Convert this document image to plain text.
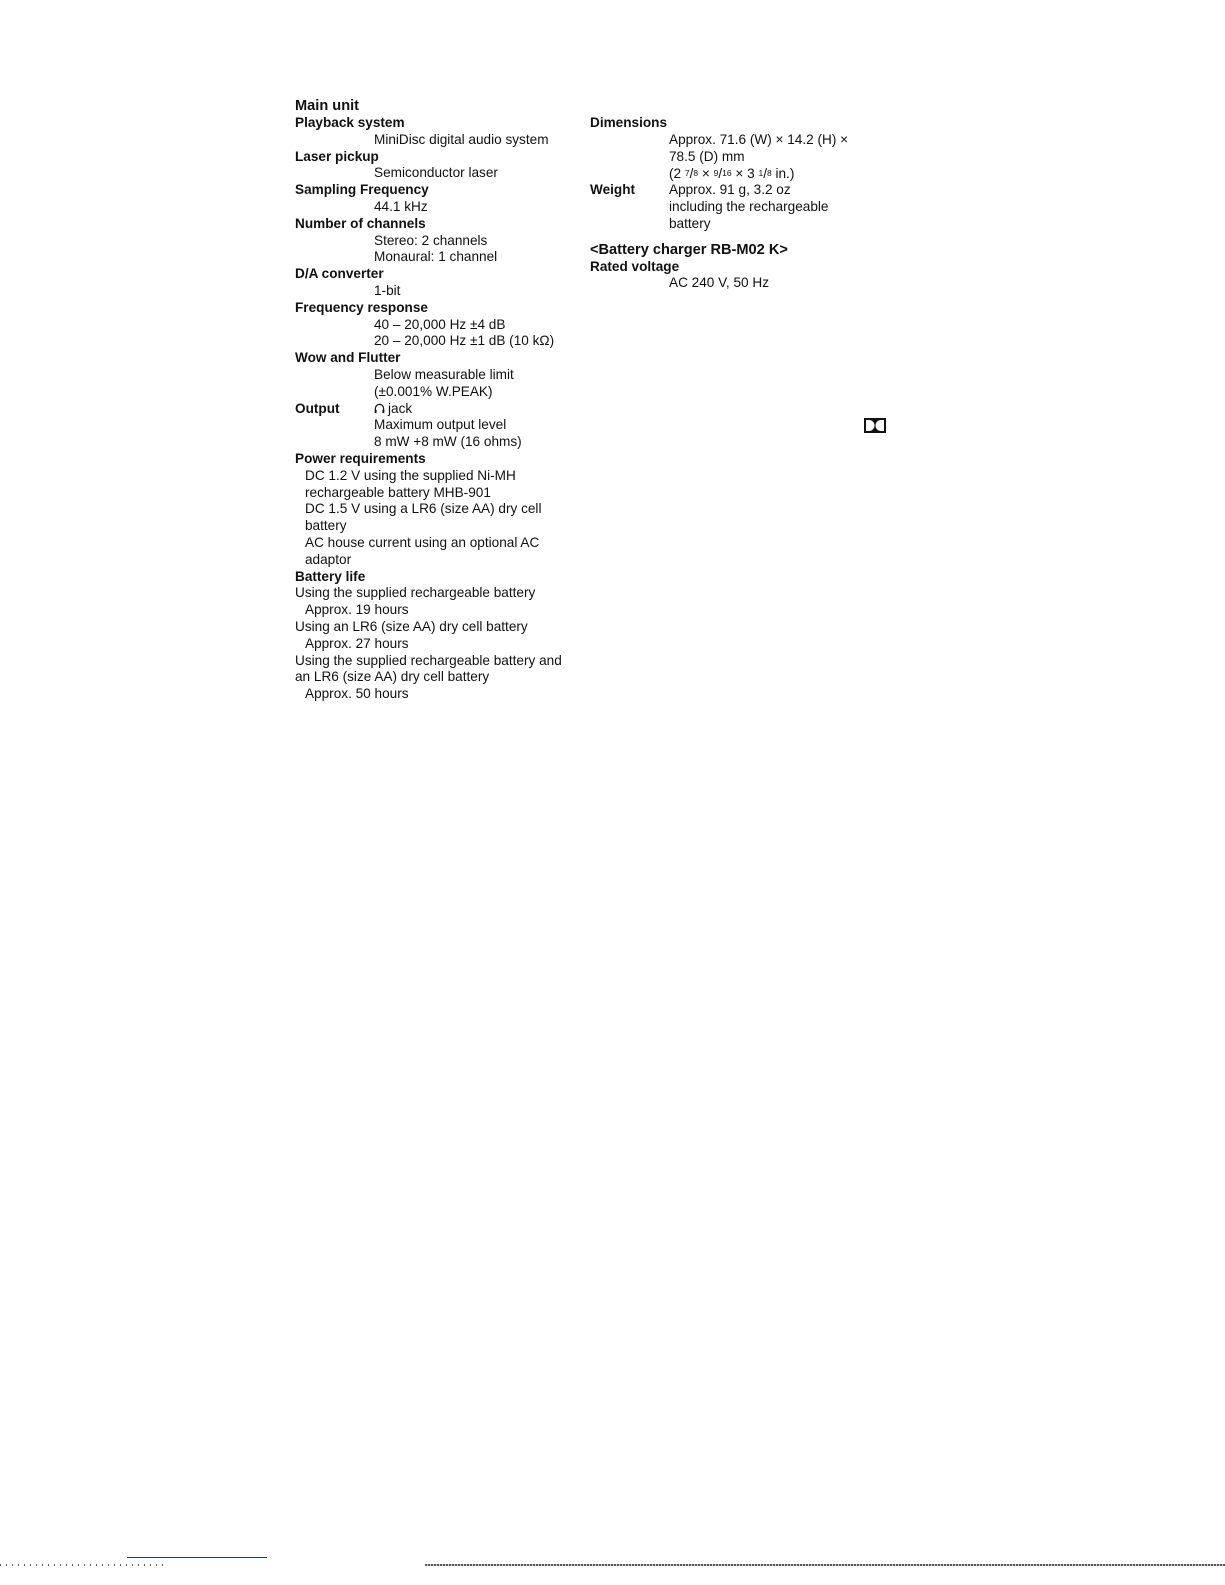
Main unit
Playback system
MiniDisc digital audio system
Laser pickup
Semiconductor laser
Sampling Frequency
44.1 kHz
Number of channels
Stereo: 2 channels
Monaural: 1 channel
D/A converter
1-bit
Frequency response
40 – 20,000 Hz ±4 dB
20 – 20,000 Hz ±1 dB (10 kΩ)
Wow and Flutter
Below measurable limit
(±0.001% W.PEAK)
Output	jack
Maximum output level
8 mW +8 mW (16 ohms)
Power requirements
DC 1.2 V using the supplied Ni-MH
rechargeable battery MHB-901
DC 1.5 V using a LR6 (size AA) dry cell
battery
AC house current using an optional AC
adaptor
Battery life
Using the supplied rechargeable battery
Approx. 19 hours
Using an LR6 (size AA) dry cell battery
Approx. 27 hours
Using the supplied rechargeable battery and
an LR6 (size AA) dry cell battery
Approx. 50 hours
Dimensions
Approx. 71.6 (W) × 14.2 (H) ×
78.5 (D) mm
(2 7/8 × 9/16 × 3 1/8 in.)
Weight	Approx. 91 g, 3.2 oz
including the rechargeable
battery
<Battery charger RB-M02 K>
Rated voltage
AC 240 V, 50 Hz
